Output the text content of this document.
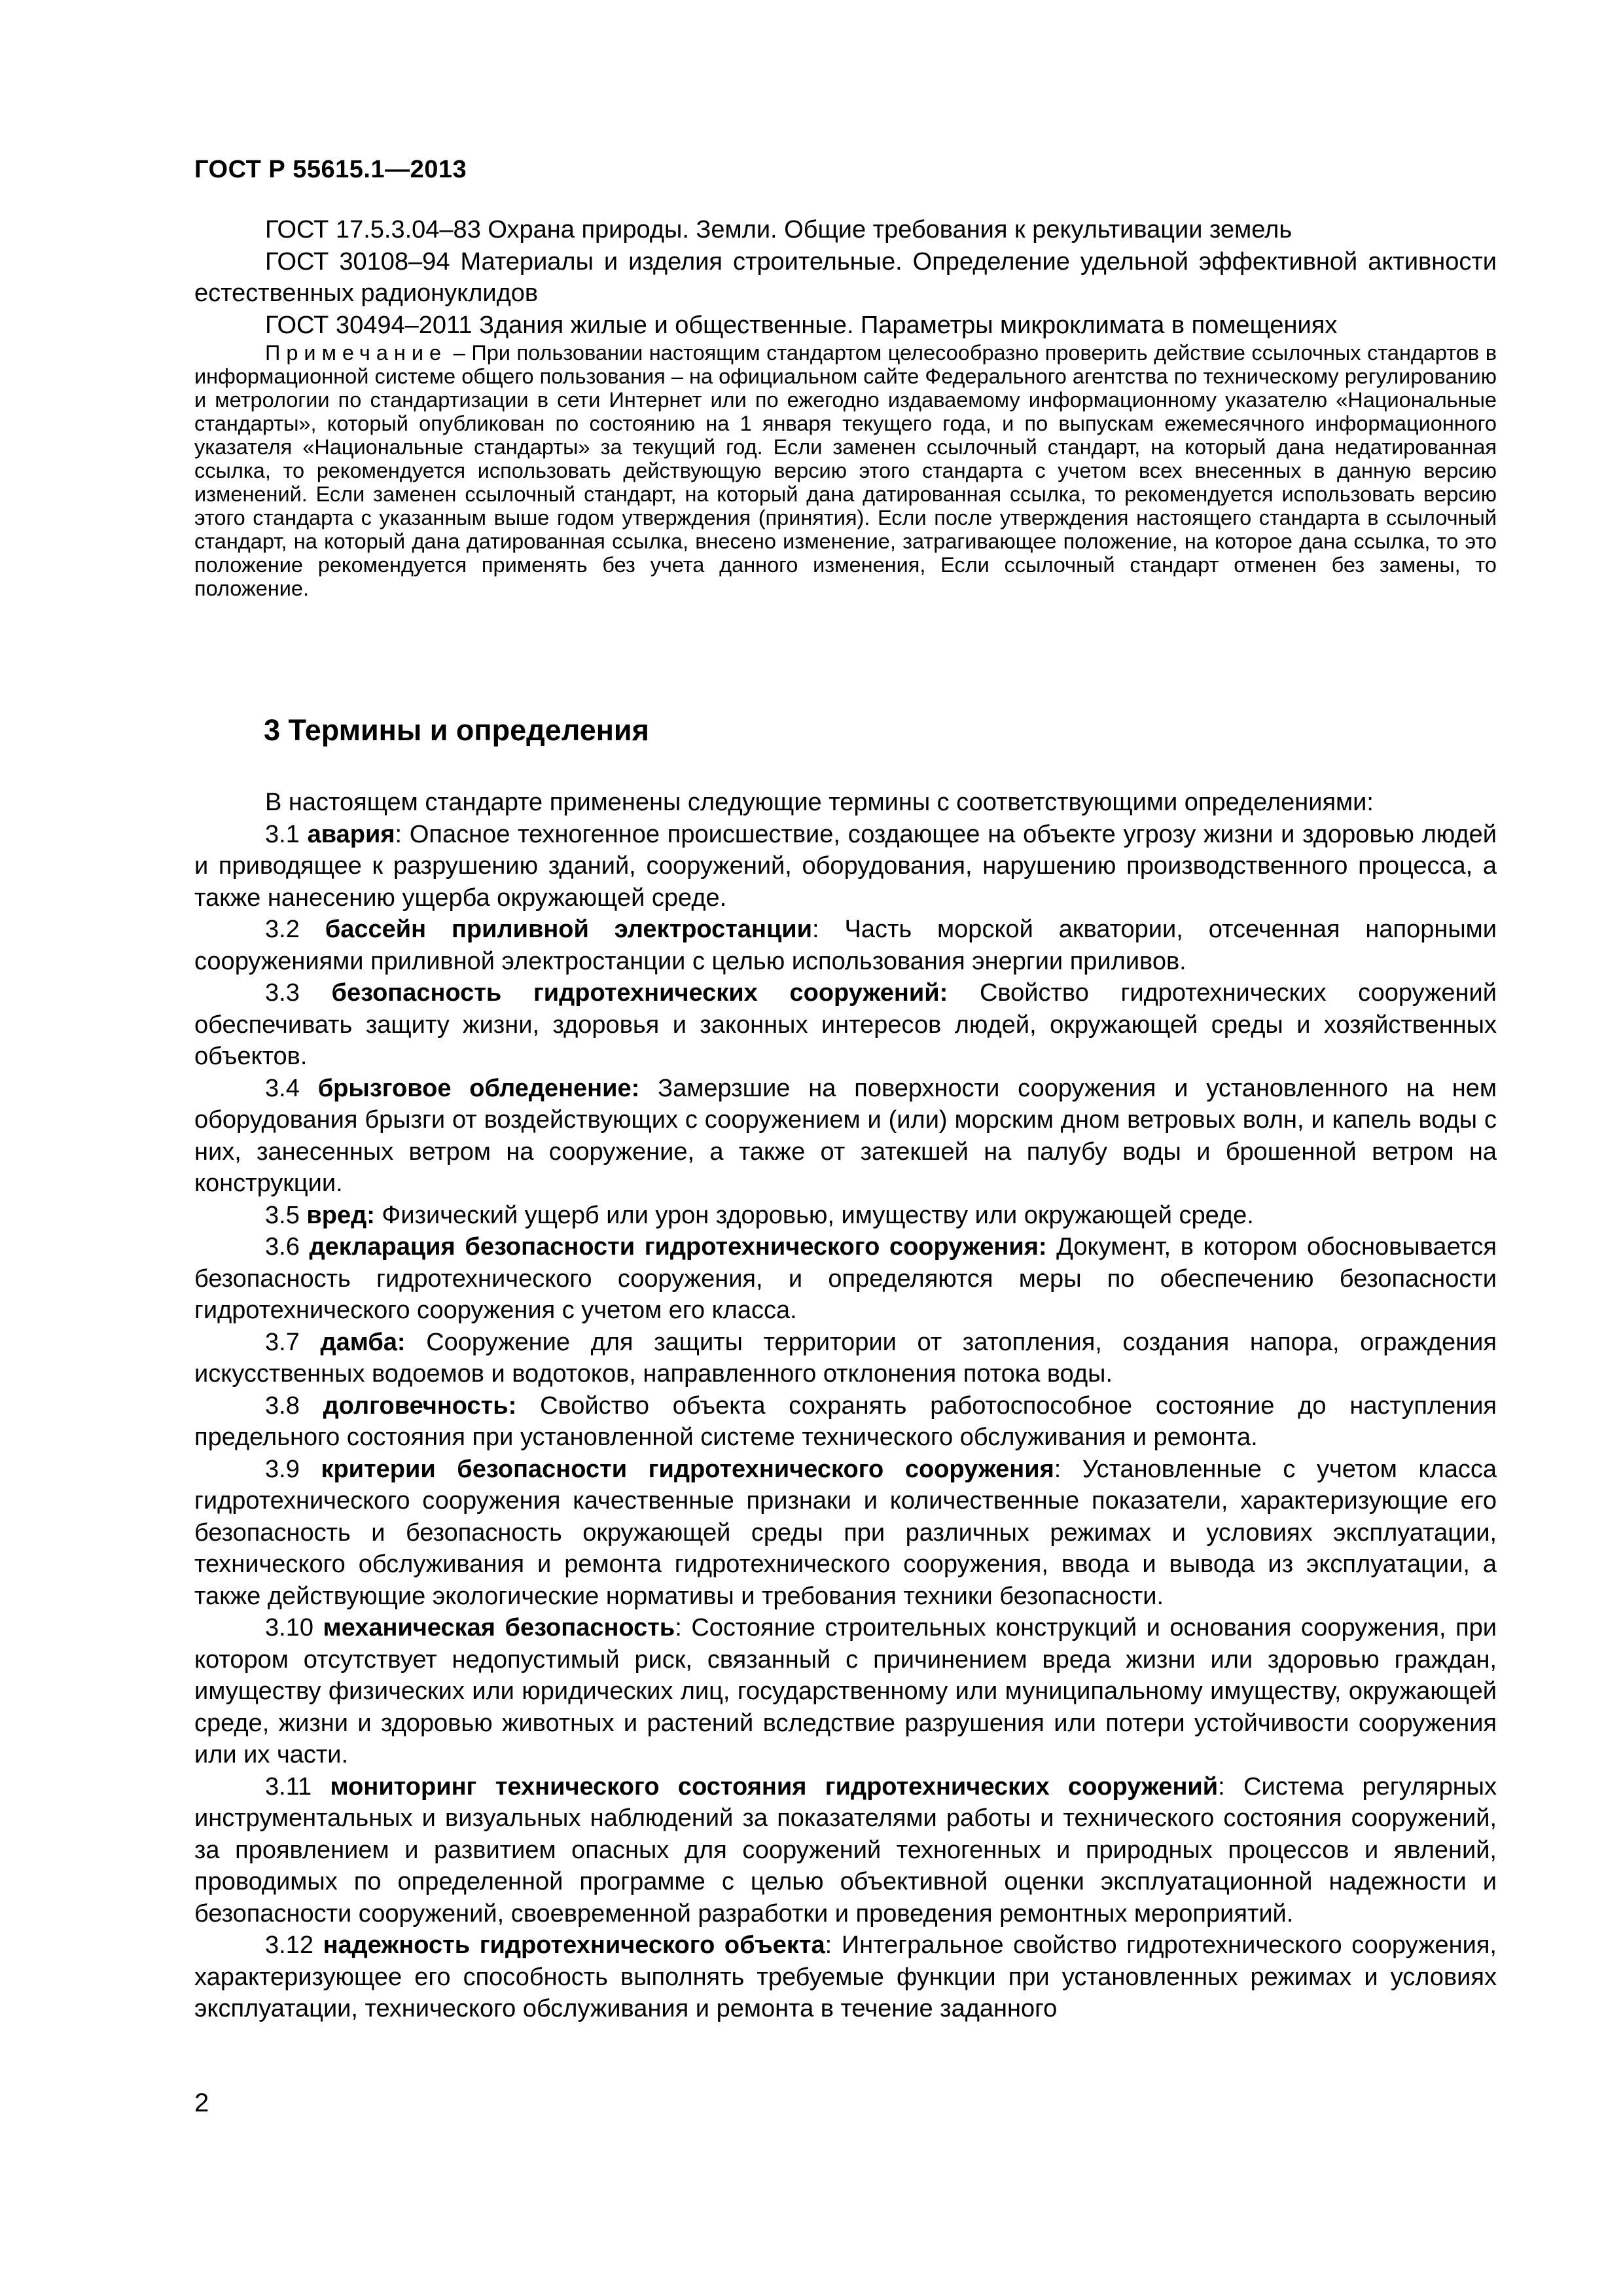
ГОСТ Р 55615.1—2013

ГОСТ 17.5.3.04–83 Охрана природы. Земли. Общие требования к рекультивации земель

ГОСТ 30108–94 Материалы и изделия строительные. Определение удельной эффективной активности естественных радионуклидов

ГОСТ 30494–2011 Здания жилые и общественные. Параметры микроклимата в помещениях

Примечание – При пользовании настоящим стандартом целесообразно проверить действие ссылочных стандартов в информационной системе общего пользования – на официальном сайте Федерального агентства по техническому регулированию и метрологии по стандартизации в сети Интернет или по ежегодно издаваемому информационному указателю «Национальные стандарты», который опубликован по состоянию на 1 января текущего года, и по выпускам ежемесячного информационного указателя «Национальные стандарты» за текущий год. Если заменен ссылочный стандарт, на который дана недатированная ссылка, то рекомендуется использовать действующую версию этого стандарта с учетом всех внесенных в данную версию изменений. Если заменен ссылочный стандарт, на который дана датированная ссылка, то рекомендуется использовать версию этого стандарта с указанным выше годом утверждения (принятия). Если после утверждения настоящего стандарта в ссылочный стандарт, на который дана датированная ссылка, внесено изменение, затрагивающее положение, на которое дана ссылка, то это положение рекомендуется применять без учета данного изменения, Если ссылочный стандарт отменен без замены, то положение.

3 Термины и определения

В настоящем стандарте применены следующие термины с соответствующими определениями:

3.1 авария: Опасное техногенное происшествие, создающее на объекте угрозу жизни и здоровью людей и приводящее к разрушению зданий, сооружений, оборудования, нарушению производственного процесса, а также нанесению ущерба окружающей среде.

3.2 бассейн приливной электростанции: Часть морской акватории, отсеченная напорными сооружениями приливной электростанции с целью использования энергии приливов.

3.3 безопасность гидротехнических сооружений: Свойство гидротехнических сооружений обеспечивать защиту жизни, здоровья и законных интересов людей, окружающей среды и хозяйственных объектов.

3.4 брызговое обледенение: Замерзшие на поверхности сооружения и установленного на нем оборудования брызги от воздействующих с сооружением и (или) морским дном ветровых волн, и капель воды с них, занесенных ветром на сооружение, а также от затекшей на палубу воды и брошенной ветром на конструкции.

3.5 вред: Физический ущерб или урон здоровью, имуществу или окружающей среде.

3.6 декларация безопасности гидротехнического сооружения: Документ, в котором обосновывается безопасность гидротехнического сооружения, и определяются меры по обеспечению безопасности гидротехнического сооружения с учетом его класса.

3.7 дамба: Сооружение для защиты территории от затопления, создания напора, ограждения искусственных водоемов и водотоков, направленного отклонения потока воды.

3.8 долговечность: Свойство объекта сохранять работоспособное состояние до наступления предельного состояния при установленной системе технического обслуживания и ремонта.

3.9 критерии безопасности гидротехнического сооружения: Установленные с учетом класса гидротехнического сооружения качественные признаки и количественные показатели, характеризующие его безопасность и безопасность окружающей среды при различных режимах и условиях эксплуатации, технического обслуживания и ремонта гидротехнического сооружения, ввода и вывода из эксплуатации, а также действующие экологические нормативы и требования техники безопасности.

3.10 механическая безопасность: Состояние строительных конструкций и основания сооружения, при котором отсутствует недопустимый риск, связанный с причинением вреда жизни или здоровью граждан, имуществу физических или юридических лиц, государственному или муниципальному имуществу, окружающей среде, жизни и здоровью животных и растений вследствие разрушения или потери устойчивости сооружения или их части.

3.11 мониторинг технического состояния гидротехнических сооружений: Система регулярных инструментальных и визуальных наблюдений за показателями работы и технического состояния сооружений, за проявлением и развитием опасных для сооружений техногенных и природных процессов и явлений, проводимых по определенной программе с целью объективной оценки эксплуатационной надежности и безопасности сооружений, своевременной разработки и проведения ремонтных мероприятий.

3.12 надежность гидротехнического объекта: Интегральное свойство гидротехнического сооружения, характеризующее его способность выполнять требуемые функции при установленных режимах и условиях эксплуатации, технического обслуживания и ремонта в течение заданного

2
